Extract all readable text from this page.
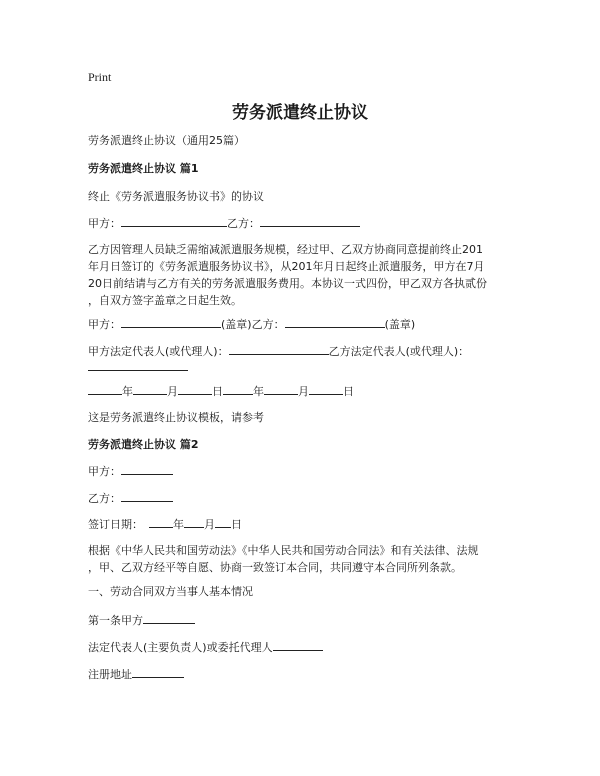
Print
劳务派遣终止协议
劳务派遣终止协议（通用25篇）
劳务派遣终止协议 篇1
终止《劳务派遣服务协议书》的协议
甲方：	乙方：
乙方因管理人员缺乏需缩减派遣服务规模，经过甲、乙双方协商同意提前终止201
年月日签订的《劳务派遣服务协议书》，从201年月日起终止派遣服务，甲方在7月
20日前结请与乙方有关的劳务派遣服务费用。本协议一式四份，甲乙双方各执贰份
，自双方签字盖章之日起生效。
甲方：	(盖章)乙方：	(盖章)
甲方法定代表人(或代理人)：	乙方法定代表人(或代理人)：
年	月	日	年	月	日
这是劳务派遣终止协议模板，请参考
劳务派遣终止协议 篇2
甲方：
乙方：
签订日期：	年 月 日
根据《中华人民共和国劳动法》《中华人民共和国劳动合同法》和有关法律、法规
，甲、乙双方经平等自愿、协商一致签订本合同，共同遵守本合同所列条款。
一、劳动合同双方当事人基本情况
第一条甲方
法定代表人(主要负责人)或委托代理人
注册地址
